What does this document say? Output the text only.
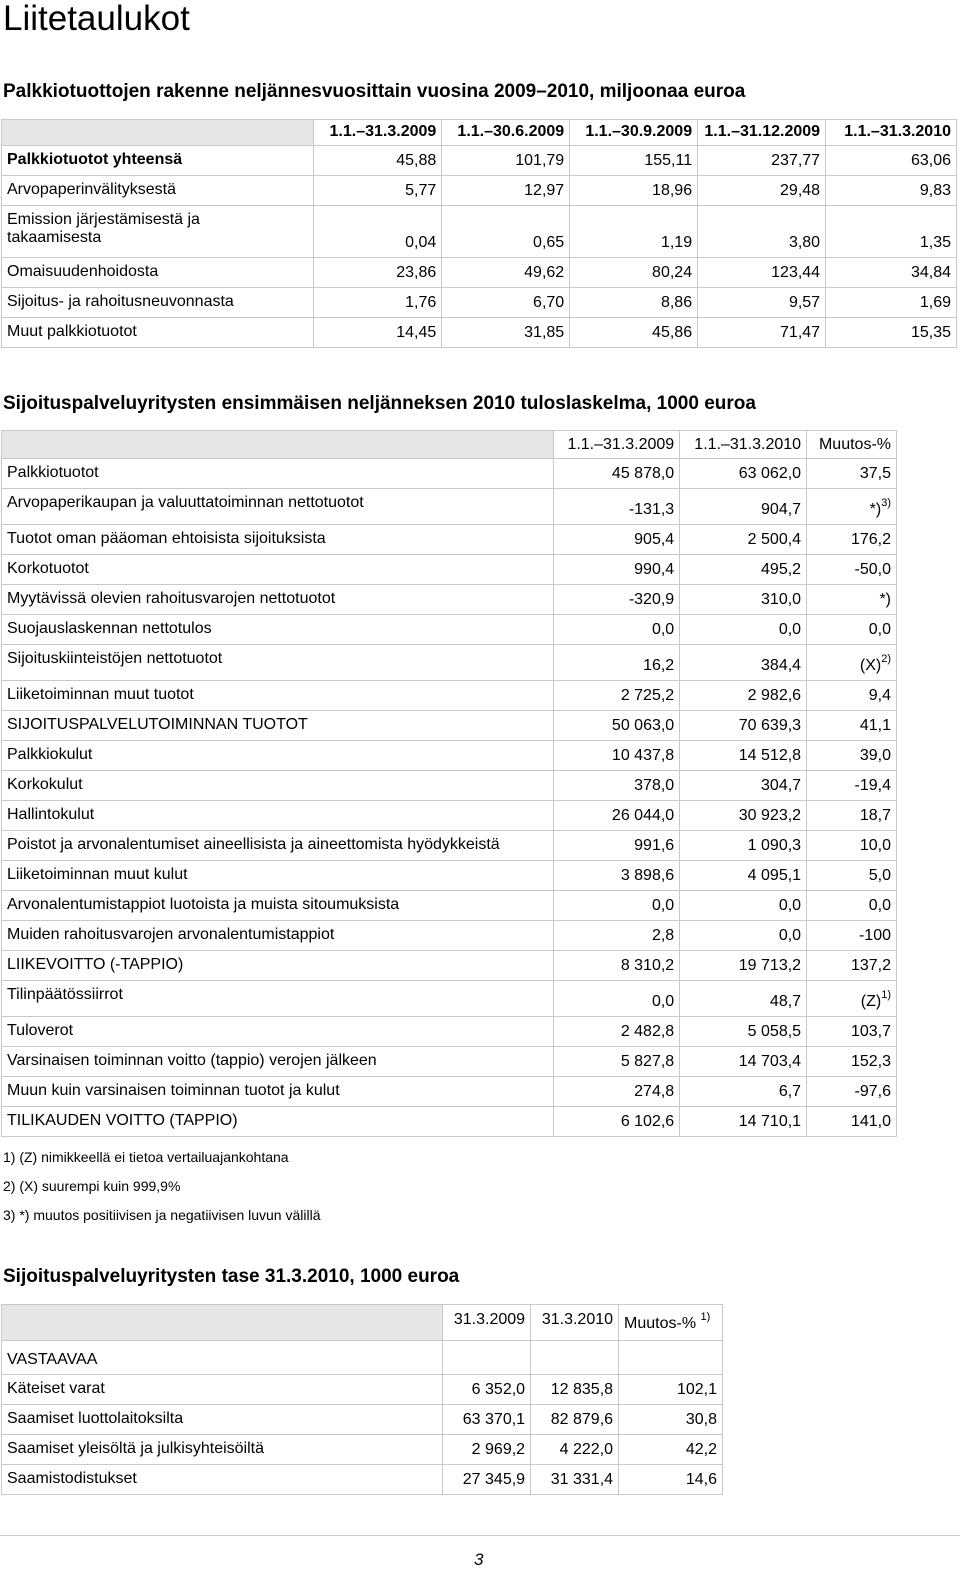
Liitetaulukot
Palkkiotuottojen rakenne neljännesvuosittain vuosina 2009–2010, miljoonaa euroa
	1.1.–31.3.2009	1.1.–30.6.2009	1.1.–30.9.2009	1.1.–31.12.2009	1.1.–31.3.2010
Palkkiotuotot yhteensä	45,88	101,79	155,11	237,77	63,06
Arvopaperinvälityksestä	5,77	12,97	18,96	29,48	9,83

Emission järjestämisestä ja
takaamisesta	0,04	0,65	1,19	3,80	1,35
Omaisuudenhoidosta	23,86	49,62	80,24	123,44	34,84
Sijoitus- ja rahoitusneuvonnasta	1,76	6,70	8,86	9,57	1,69
Muut palkkiotuotot	14,45	31,85	45,86	71,47	15,35
Sijoituspalveluyritysten ensimmäisen neljänneksen 2010 tuloslaskelma, 1000 euroa
	1.1.–31.3.2009	1.1.–31.3.2010	Muutos-%
Palkkiotuotot	45 878,0	63 062,0	37,5
Arvopaperikaupan ja valuuttatoiminnan nettotuotot	-131,3	904,7	*)$^{3)}$
Tuotot oman pääoman ehtoisista sijoituksista	905,4	2 500,4	176,2
Korkotuotot	990,4	495,2	-50,0
Myytävissä olevien rahoitusvarojen nettotuotot	-320,9	310,0	*)
Suojauslaskennan nettotulos	0,0	0,0	0,0
Sijoituskiinteistöjen nettotuotot	16,2	384,4	$(X)^{2)}$
Liiketoiminnan muut tuotot	2 725,2	2 982,6	9,4
SIJOITUSPALVELUTOIMINNAN TUOTOT	50 063,0	70 639,3	41,1
Palkkiokulut	10 437,8	14 512,8	39,0
Korkokulut	378,0	304,7	-19,4
Hallintokulut	26 044,0	30 923,2	18,7
Poistot ja arvonalentumiset aineellisista ja aineettomista hyödykkeistä	991,6	1 090,3	10,0
Liiketoiminnan muut kulut	3 898,6	4 095,1	5,0
Arvonalentumistappiot luotoista ja muista sitoumuksista	0,0	0,0	0,0
Muiden rahoitusvarojen arvonalentumistappiot	2,8	0,0	-100
LIIKEVOITTO (-TAPPIO)	8 310,2	19 713,2	137,2
Tilinpäätössiirrot	0,0	48,7	$(Z)^{1)}$
Tuloverot	2 482,8	5 058,5	103,7
Varsinaisen toiminnan voitto (tappio) verojen jälkeen	5 827,8	14 703,4	152,3
Muun kuin varsinaisen toiminnan tuotot ja kulut	274,8	6,7	-97,6
TILIKAUDEN VOITTO (TAPPIO)	6 102,6	14 710,1	141,0
1) (Z) nimikkeellä ei tietoa vertailuajankohtana
2) (X) suurempi kuin 999,9%
3) *) muutos positiivisen ja negatiivisen luvun välillä
Sijoituspalveluyritysten tase 31.3.2010, 1000 euroa
	31.3.2009	31.3.2010	Muutos-% $^{1)}$
VASTAAVAA			
Käteiset varat	6 352,0	12 835,8	102,1
Saamiset luottolaitoksilta	63 370,1	82 879,6	30,8
Saamiset yleisöltä ja julkisyhteisöiltä	2 969,2	4 222,0	42,2
Saamistodistukset	27 345,9	31 331,4	14,6
3
